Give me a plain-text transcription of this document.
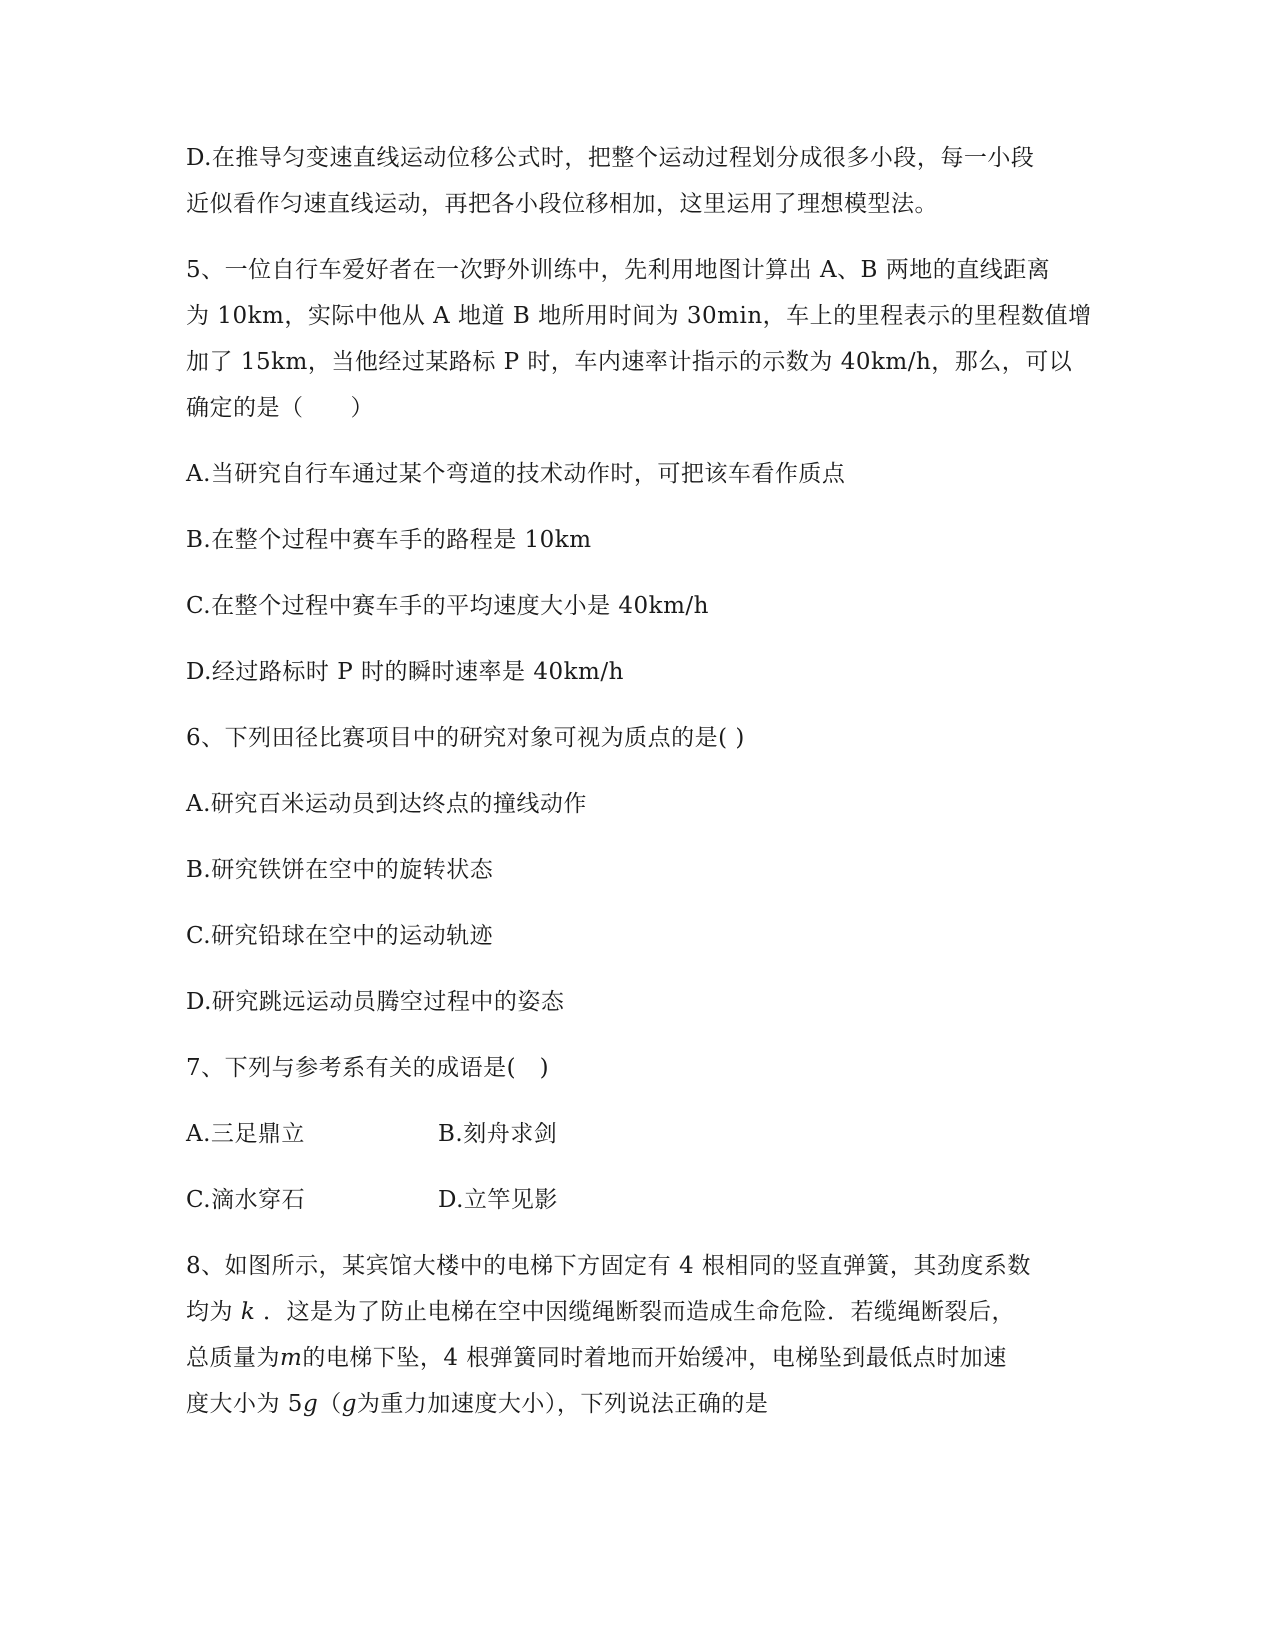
D.在推导匀变速直线运动位移公式时，把整个运动过程划分成很多小段，每一小段
近似看作匀速直线运动，再把各小段位移相加，这里运用了理想模型法。
5、一位自行车爱好者在一次野外训练中，先利用地图计算出 A、B 两地的直线距离
为 10km，实际中他从 A 地道 B 地所用时间为 30min，车上的里程表示的里程数值增
加了 15km，当他经过某路标 P 时，车内速率计指示的示数为 40km/h，那么，可以
确定的是（　　）
A.当研究自行车通过某个弯道的技术动作时，可把该车看作质点
B.在整个过程中赛车手的路程是 10km
C.在整个过程中赛车手的平均速度大小是 40km/h
D.经过路标时 P 时的瞬时速率是 40km/h
6、下列田径比赛项目中的研究对象可视为质点的是( )
A.研究百米运动员到达终点的撞线动作
B.研究铁饼在空中的旋转状态
C.研究铅球在空中的运动轨迹
D.研究跳远运动员腾空过程中的姿态
7、下列与参考系有关的成语是(　)
A.三足鼎立	B.刻舟求剑
C.滴水穿石	D.立竿见影
8、如图所示，某宾馆大楼中的电梯下方固定有 4 根相同的竖直弹簧，其劲度系数
均为 k ．这是为了防止电梯在空中因缆绳断裂而造成生命危险．若缆绳断裂后，
总质量为m的电梯下坠，4 根弹簧同时着地而开始缓冲，电梯坠到最低点时加速
度大小为 5g（g为重力加速度大小），下列说法正确的是
